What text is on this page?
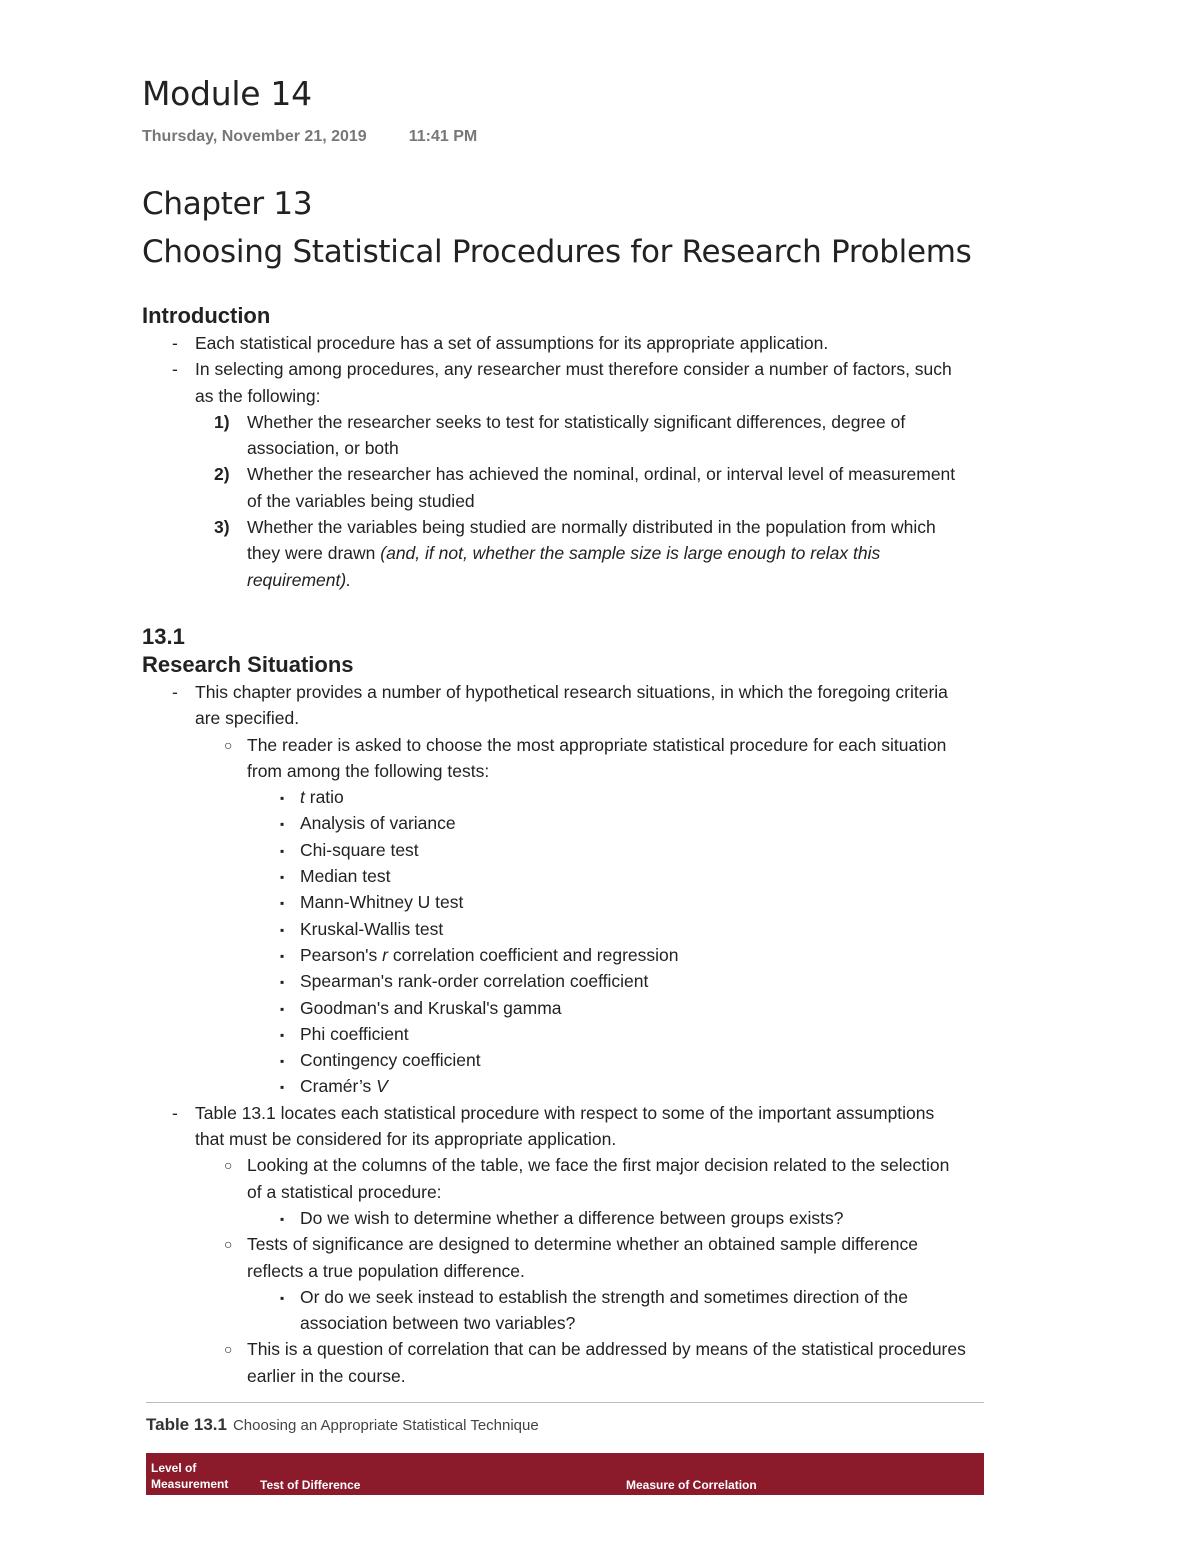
Module 14
Thursday, November 21, 2019	11:41 PM
Chapter 13
Choosing Statistical Procedures for Research Problems
Introduction
- Each statistical procedure has a set of assumptions for its appropriate application.
- In selecting among procedures, any researcher must therefore consider a number of factors, such
as the following:
1) Whether the researcher seeks to test for statistically significant differences, degree of
association, or both
2) Whether the researcher has achieved the nominal, ordinal, or interval level of measurement
of the variables being studied
3) Whether the variables being studied are normally distributed in the population from which
they were drawn (and, if not, whether the sample size is large enough to relax this
requirement).
13.1
Research Situations
- This chapter provides a number of hypothetical research situations, in which the foregoing criteria
are specified.
○ The reader is asked to choose the most appropriate statistical procedure for each situation
from among the following tests:
▪ t ratio
▪ Analysis of variance
▪ Chi-square test
▪ Median test
▪ Mann-Whitney U test
▪ Kruskal-Wallis test
▪ Pearson's r correlation coefficient and regression
▪ Spearman's rank-order correlation coefficient
▪ Goodman's and Kruskal's gamma
▪ Phi coefficient
▪ Contingency coefficient
▪ Cramér’s V
- Table 13.1 locates each statistical procedure with respect to some of the important assumptions
that must be considered for its appropriate application.
○ Looking at the columns of the table, we face the first major decision related to the selection
of a statistical procedure:
▪ Do we wish to determine whether a difference between groups exists?
○ Tests of significance are designed to determine whether an obtained sample difference
reflects a true population difference.
▪ Or do we seek instead to establish the strength and sometimes direction of the
association between two variables?
○ This is a question of correlation that can be addressed by means of the statistical procedures
earlier in the course.
Table 13.1 Choosing an Appropriate Statistical Technique
Level of
Measurement	Test of Difference	Measure of Correlation
